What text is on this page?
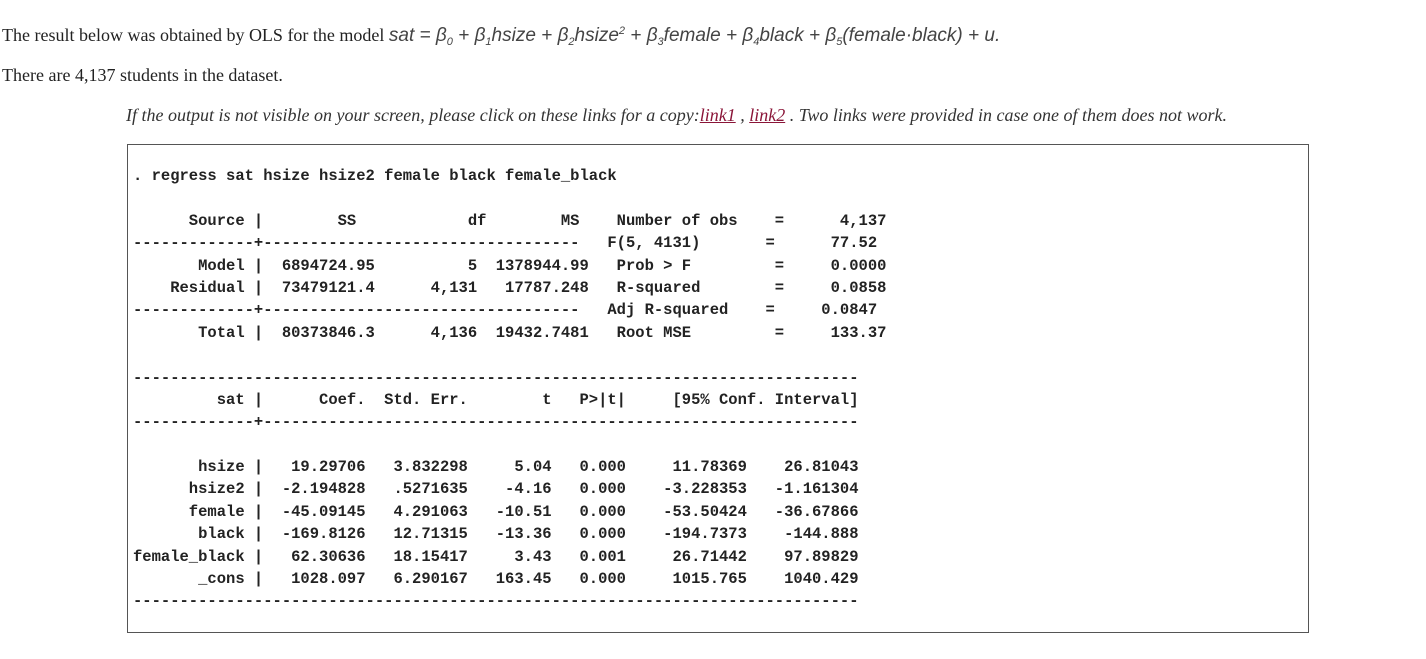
The result below was obtained by OLS for the model sat = $\beta_0$ + $\beta_1hsize$ + $\beta_2hsize^2$ + $\beta_3female$ + $\beta_4black$ + $\beta_5(female\cdot black) + u$.
There are 4,137 students in the dataset.
If the output is not visible on your screen, please click on these links for a copy:link1 , link2 . Two links were provided in case one of them does not work.
. regress sat hsize hsize2 female black female_black
Source |        SS            df        MS    Number of obs    =      4,137
-------------+----------------------------------   F(5, 4131)       =      77.52
Model |  6894724.95          5  1378944.99   Prob > F         =     0.0000
Residual |  73479121.4      4,131   17787.248   R-squared        =     0.0858
-------------+----------------------------------   Adj R-squared    =     0.0847
Total |  80373846.3      4,136  19432.7481   Root MSE         =     133.37
------------------------------------------------------------------------------
sat |      Coef.  Std. Err.        t   P>|t|     [95% Conf. Interval]
-------------+----------------------------------------------------------------
hsize |   19.29706   3.832298     5.04   0.000     11.78369    26.81043
hsize2 |  -2.194828   .5271635    -4.16   0.000    -3.228353   -1.161304
female |  -45.09145   4.291063   -10.51   0.000    -53.50424   -36.67866
black |  -169.8126   12.71315   -13.36   0.000    -194.7373    -144.888
female_black |   62.30636   18.15417     3.43   0.001     26.71442    97.89829
_cons |   1028.097   6.290167   163.45   0.000     1015.765    1040.429
------------------------------------------------------------------------------
